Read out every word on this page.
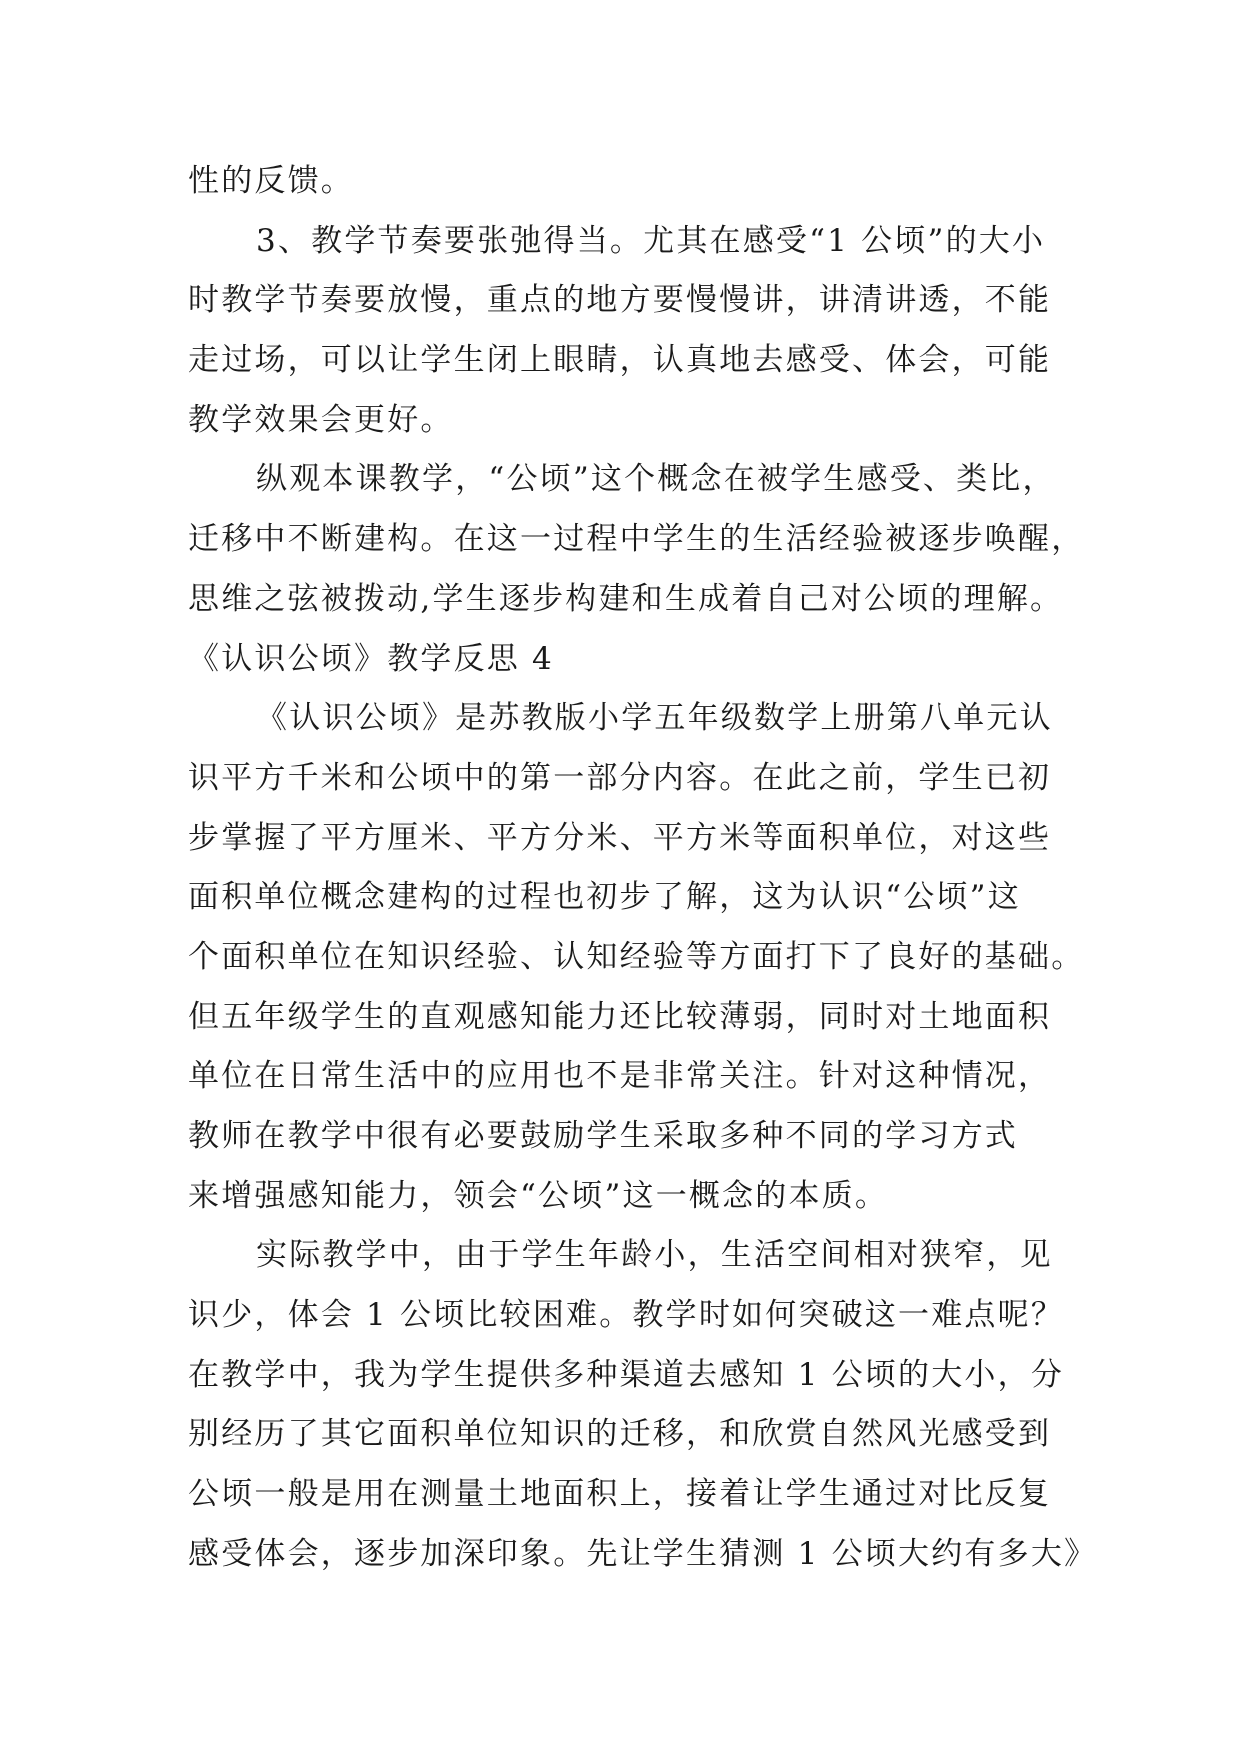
性的反馈。
3、教学节奏要张弛得当。尤其在感受“1 公顷”的大小
时教学节奏要放慢，重点的地方要慢慢讲，讲清讲透，不能
走过场，可以让学生闭上眼睛，认真地去感受、体会，可能
教学效果会更好。
纵观本课教学，“公顷”这个概念在被学生感受、类比，
迁移中不断建构。在这一过程中学生的生活经验被逐步唤醒，
思维之弦被拨动,学生逐步构建和生成着自己对公顷的理解。
《认识公顷》教学反思 4
《认识公顷》是苏教版小学五年级数学上册第八单元认
识平方千米和公顷中的第一部分内容。在此之前，学生已初
步掌握了平方厘米、平方分米、平方米等面积单位，对这些
面积单位概念建构的过程也初步了解，这为认识“公顷”这
个面积单位在知识经验、认知经验等方面打下了良好的基础。
但五年级学生的直观感知能力还比较薄弱，同时对土地面积
单位在日常生活中的应用也不是非常关注。针对这种情况，
教师在教学中很有必要鼓励学生采取多种不同的学习方式
来增强感知能力，领会“公顷”这一概念的本质。
实际教学中，由于学生年龄小，生活空间相对狭窄，见
识少，体会 1 公顷比较困难。教学时如何突破这一难点呢？
在教学中，我为学生提供多种渠道去感知 1 公顷的大小，分
别经历了其它面积单位知识的迁移，和欣赏自然风光感受到
公顷一般是用在测量土地面积上，接着让学生通过对比反复
感受体会，逐步加深印象。先让学生猜测 1 公顷大约有多大》
